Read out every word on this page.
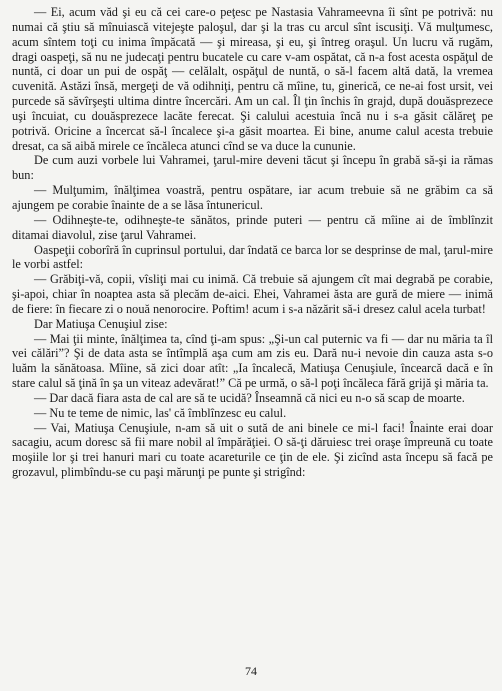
— Ei, acum văd şi eu că cei care-o peţesc pe Nastasia Vahrameevna îi sînt pe potrivă: nu numai că ştiu să mînuiască vitejeşte paloşul, dar şi la tras cu arcul sînt iscusiţi. Vă mulţumesc, acum sîntem toţi cu inima împăcată — şi mireasa, şi eu, şi întreg oraşul. Un lucru vă rugăm, dragi oaspeţi, să nu ne judecaţi pentru bucatele cu care v-am ospătat, că n-a fost acesta ospăţul de nuntă, ci doar un pui de ospăţ — celălalt, ospăţul de nuntă, o să-l facem altă dată, la vremea cuvenită. Astăzi însă, mergeţi de vă odihniţi, pentru că mîine, tu, ginerică, ce ne-ai fost ursit, vei purcede să săvîrşeşti ultima dintre încercări. Am un cal. Îl ţin închis în grajd, după douăsprezece uşi încuiat, cu douăsprezece lacăte ferecat. Şi calului acestuia încă nu i s-a găsit călăreţ pe potrivă. Oricine a încercat să-l încalece şi-a găsit moartea. Ei bine, anume calul acesta trebuie dresat, ca să aibă mirele ce încăleca atunci cînd se va duce la cununie.

De cum auzi vorbele lui Vahramei, ţarul-mire deveni tăcut şi începu în grabă să-şi ia rămas bun:

— Mulţumim, înălţimea voastră, pentru ospătare, iar acum trebuie să ne grăbim ca să ajungem pe corabie înainte de a se lăsa întunericul.

— Odihneşte-te, odihneşte-te sănătos, prinde puteri — pentru că mîine ai de îmblînzit ditamai diavolul, zise ţarul Vahramei.

Oaspeţii coborîră în cuprinsul portului, dar îndată ce barca lor se desprinse de mal, ţarul-mire le vorbi astfel:

— Grăbiţi-vă, copii, vîsliţi mai cu inimă. Că trebuie să ajungem cît mai degrabă pe corabie, şi-apoi, chiar în noaptea asta să plecăm de-aici. Ehei, Vahramei ăsta are gură de miere — inimă de fiere: în fiecare zi o nouă nenorocire. Poftim! acum i s-a năzărit să-i dresez calul acela turbat!

Dar Matiuşa Cenuşiul zise:

— Mai ţii minte, înălţimea ta, cînd ţi-am spus: „Şi-un cal puternic va fi — dar nu măria ta îl vei călări”? Şi de data asta se întîmplă aşa cum am zis eu. Dară nu-i nevoie din cauza asta s-o luăm la sănătoasa. Mîine, să zici doar atît: „Ia încalecă, Matiuşa Cenuşiule, încearcă dacă e în stare calul să ţină în şa un viteaz adevărat!” Că pe urmă, o să-l poţi încăleca fără grijă şi măria ta.

— Dar dacă fiara asta de cal are să te ucidă? Înseamnă că nici eu n-o să scap de moarte.

— Nu te teme de nimic, las' că îmblînzesc eu calul.

— Vai, Matiuşa Cenuşiule, n-am să uit o sută de ani binele ce mi-l faci! Înainte erai doar sacagiu, acum doresc să fii mare nobil al împărăţiei. O să-ţi dăruiesc trei oraşe împreună cu toate moşiile lor şi trei hanuri mari cu toate acareturile ce ţin de ele. Şi zicînd asta începu să facă pe grozavul, plimbîndu-se cu paşi mărunţi pe punte şi strigînd:

74
